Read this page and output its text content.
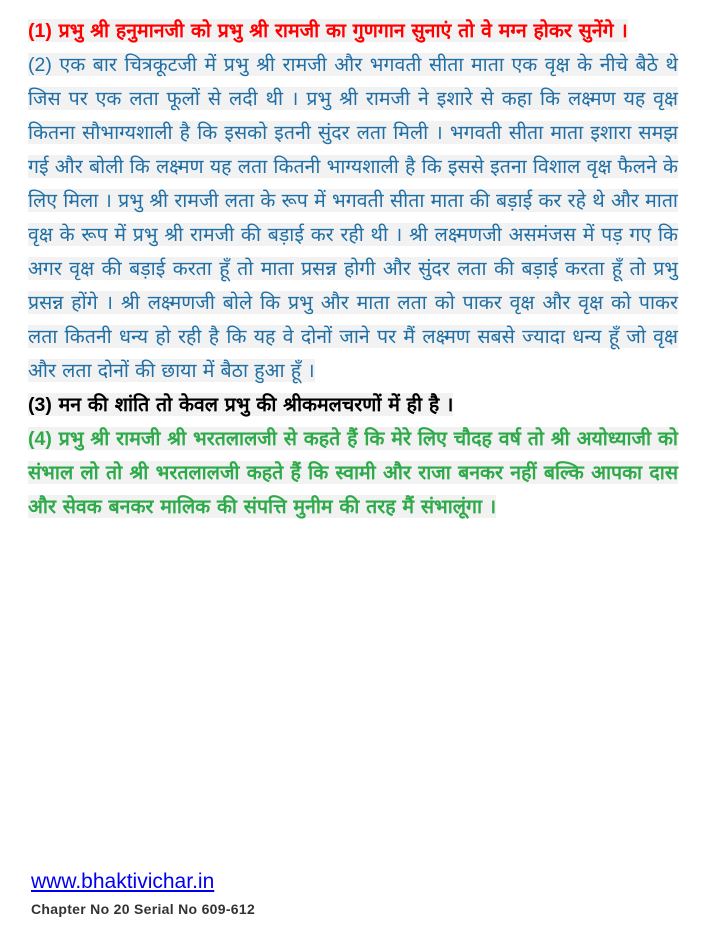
(1) प्रभु श्री हनुमानजी को प्रभु श्री रामजी का गुणगान सुनाएं तो वे मग्न होकर सुनेंगे ।

(2) एक बार चित्रकूटजी में प्रभु श्री रामजी और भगवती सीता माता एक वृक्ष के नीचे बैठे थे जिस पर एक लता फूलों से लदी थी । प्रभु श्री रामजी ने इशारे से कहा कि लक्ष्मण यह वृक्ष कितना सौभाग्यशाली है कि इसको इतनी सुंदर लता मिली । भगवती सीता माता इशारा समझ गई और बोली कि लक्ष्मण यह लता कितनी भाग्यशाली है कि इससे इतना विशाल वृक्ष फैलने के लिए मिला । प्रभु श्री रामजी लता के रूप में भगवती सीता माता की बड़ाई कर रहे थे और माता वृक्ष के रूप में प्रभु श्री रामजी की बड़ाई कर रही थी । श्री लक्ष्मणजी असमंजस में पड़ गए कि अगर वृक्ष की बड़ाई करता हूँ तो माता प्रसन्न होगी और सुंदर लता की बड़ाई करता हूँ तो प्रभु प्रसन्न होंगे । श्री लक्ष्मणजी बोले कि प्रभु और माता लता को पाकर वृक्ष और वृक्ष को पाकर लता कितनी धन्य हो रही है कि यह वे दोनों जाने पर मैं लक्ष्मण सबसे ज्यादा धन्य हूँ जो वृक्ष और लता दोनों की छाया में बैठा हुआ हूँ ।

(3) मन की शांति तो केवल प्रभु की श्रीकमलचरणों में ही है ।

(4) प्रभु श्री रामजी श्री भरतलालजी से कहते हैं कि मेरे लिए चौदह वर्ष तो श्री अयोध्याजी को संभाल लो तो श्री भरतलालजी कहते हैं कि स्वामी और राजा बनकर नहीं बल्कि आपका दास और सेवक बनकर मालिक की संपत्ति मुनीम की तरह मैं संभालूंगा ।

www.bhaktivichar.in
Chapter No 20 Serial No 609-612
